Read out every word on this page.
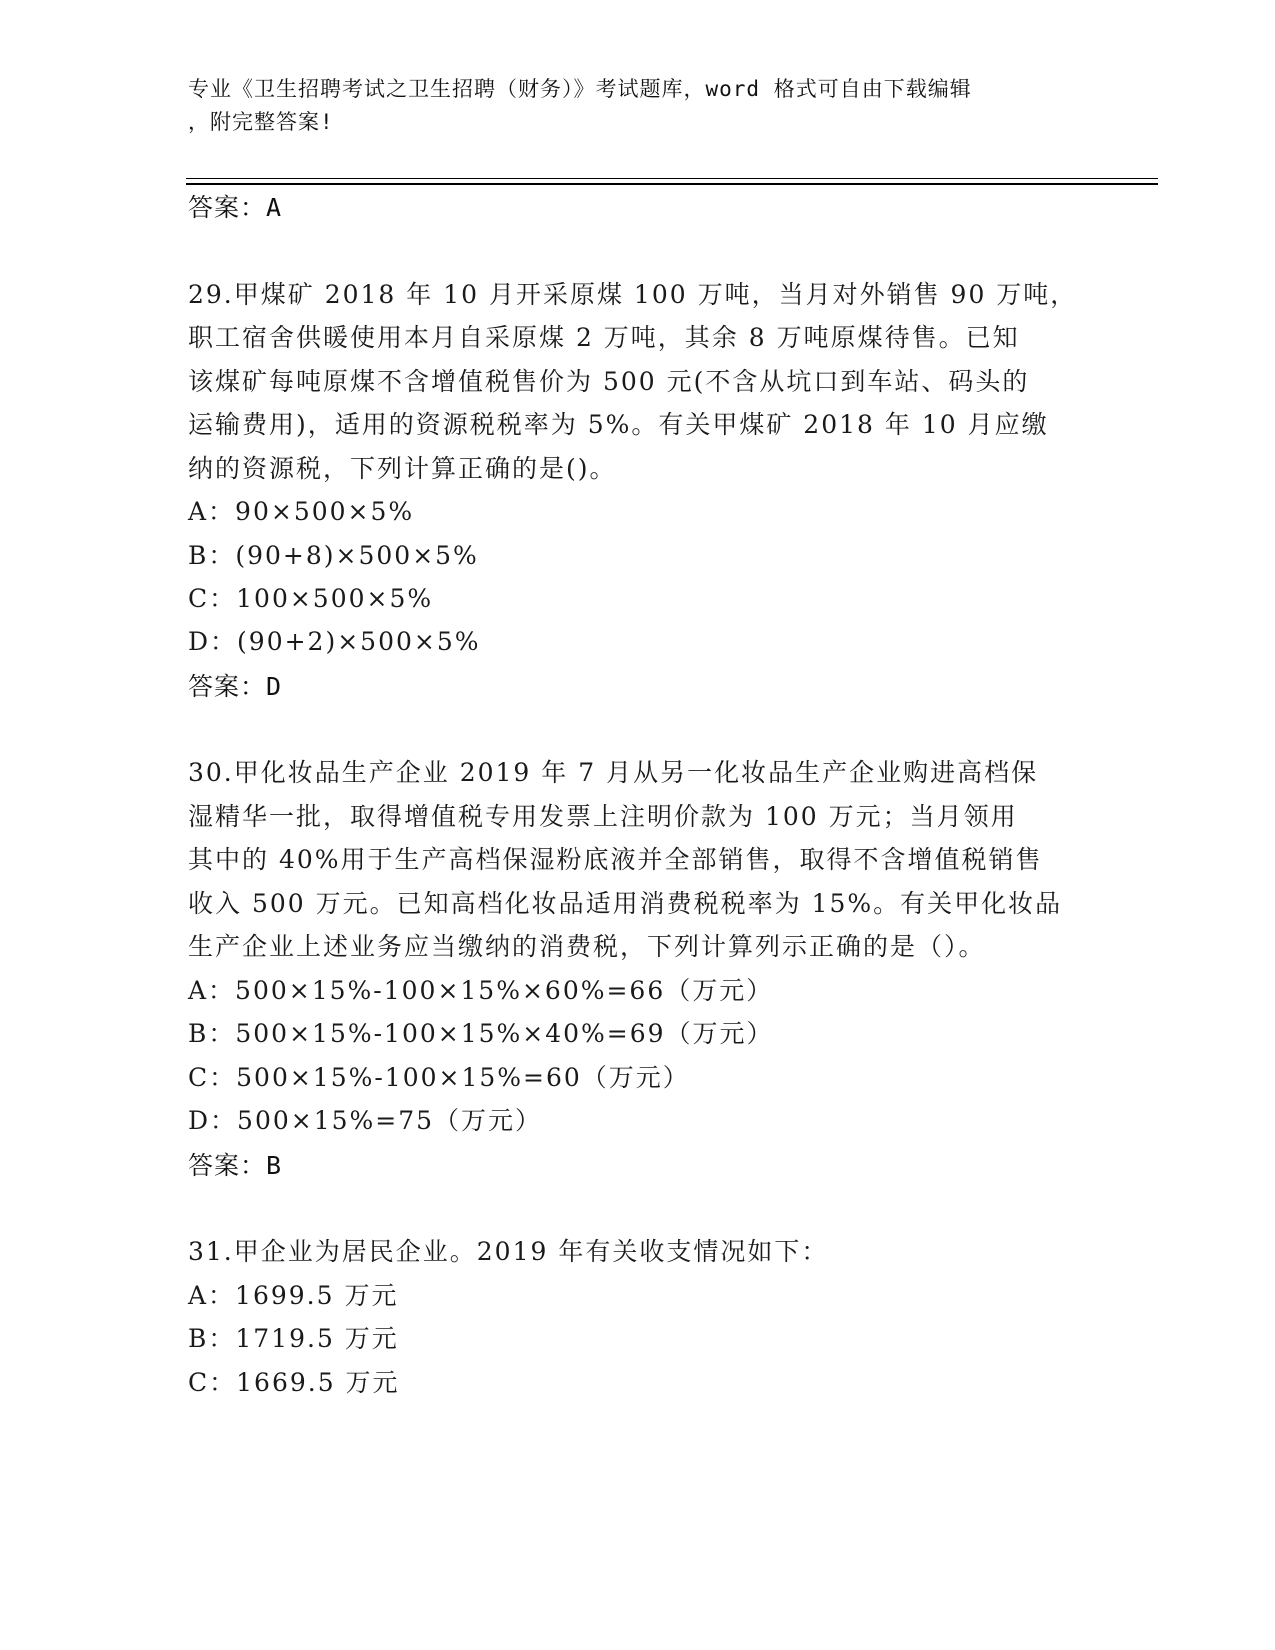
专业《卫生招聘考试之卫生招聘（财务）》考试题库，word 格式可自由下载编辑
，附完整答案!
答案：A
29.甲煤矿 2018 年 10 月开采原煤 100 万吨，当月对外销售 90 万吨，
职工宿舍供暖使用本月自采原煤 2 万吨，其余 8 万吨原煤待售。已知
该煤矿每吨原煤不含增值税售价为 500 元(不含从坑口到车站、码头的
运输费用)，适用的资源税税率为 5%。有关甲煤矿 2018 年 10 月应缴
纳的资源税，下列计算正确的是()。
A：90×500×5%
B：(90+8)×500×5%
C：100×500×5%
D：(90+2)×500×5%
答案：D
30.甲化妆品生产企业 2019 年 7 月从另一化妆品生产企业购进高档保
湿精华一批，取得增值税专用发票上注明价款为 100 万元；当月领用
其中的 40%用于生产高档保湿粉底液并全部销售，取得不含增值税销售
收入 500 万元。已知高档化妆品适用消费税税率为 15%。有关甲化妆品
生产企业上述业务应当缴纳的消费税，下列计算列示正确的是（）。
A：500×15%-100×15%×60%=66（万元）
B：500×15%-100×15%×40%=69（万元）
C：500×15%-100×15%=60（万元）
D：500×15%=75（万元）
答案：B
31.甲企业为居民企业。2019 年有关收支情况如下：
A：1699.5 万元
B：1719.5 万元
C：1669.5 万元
